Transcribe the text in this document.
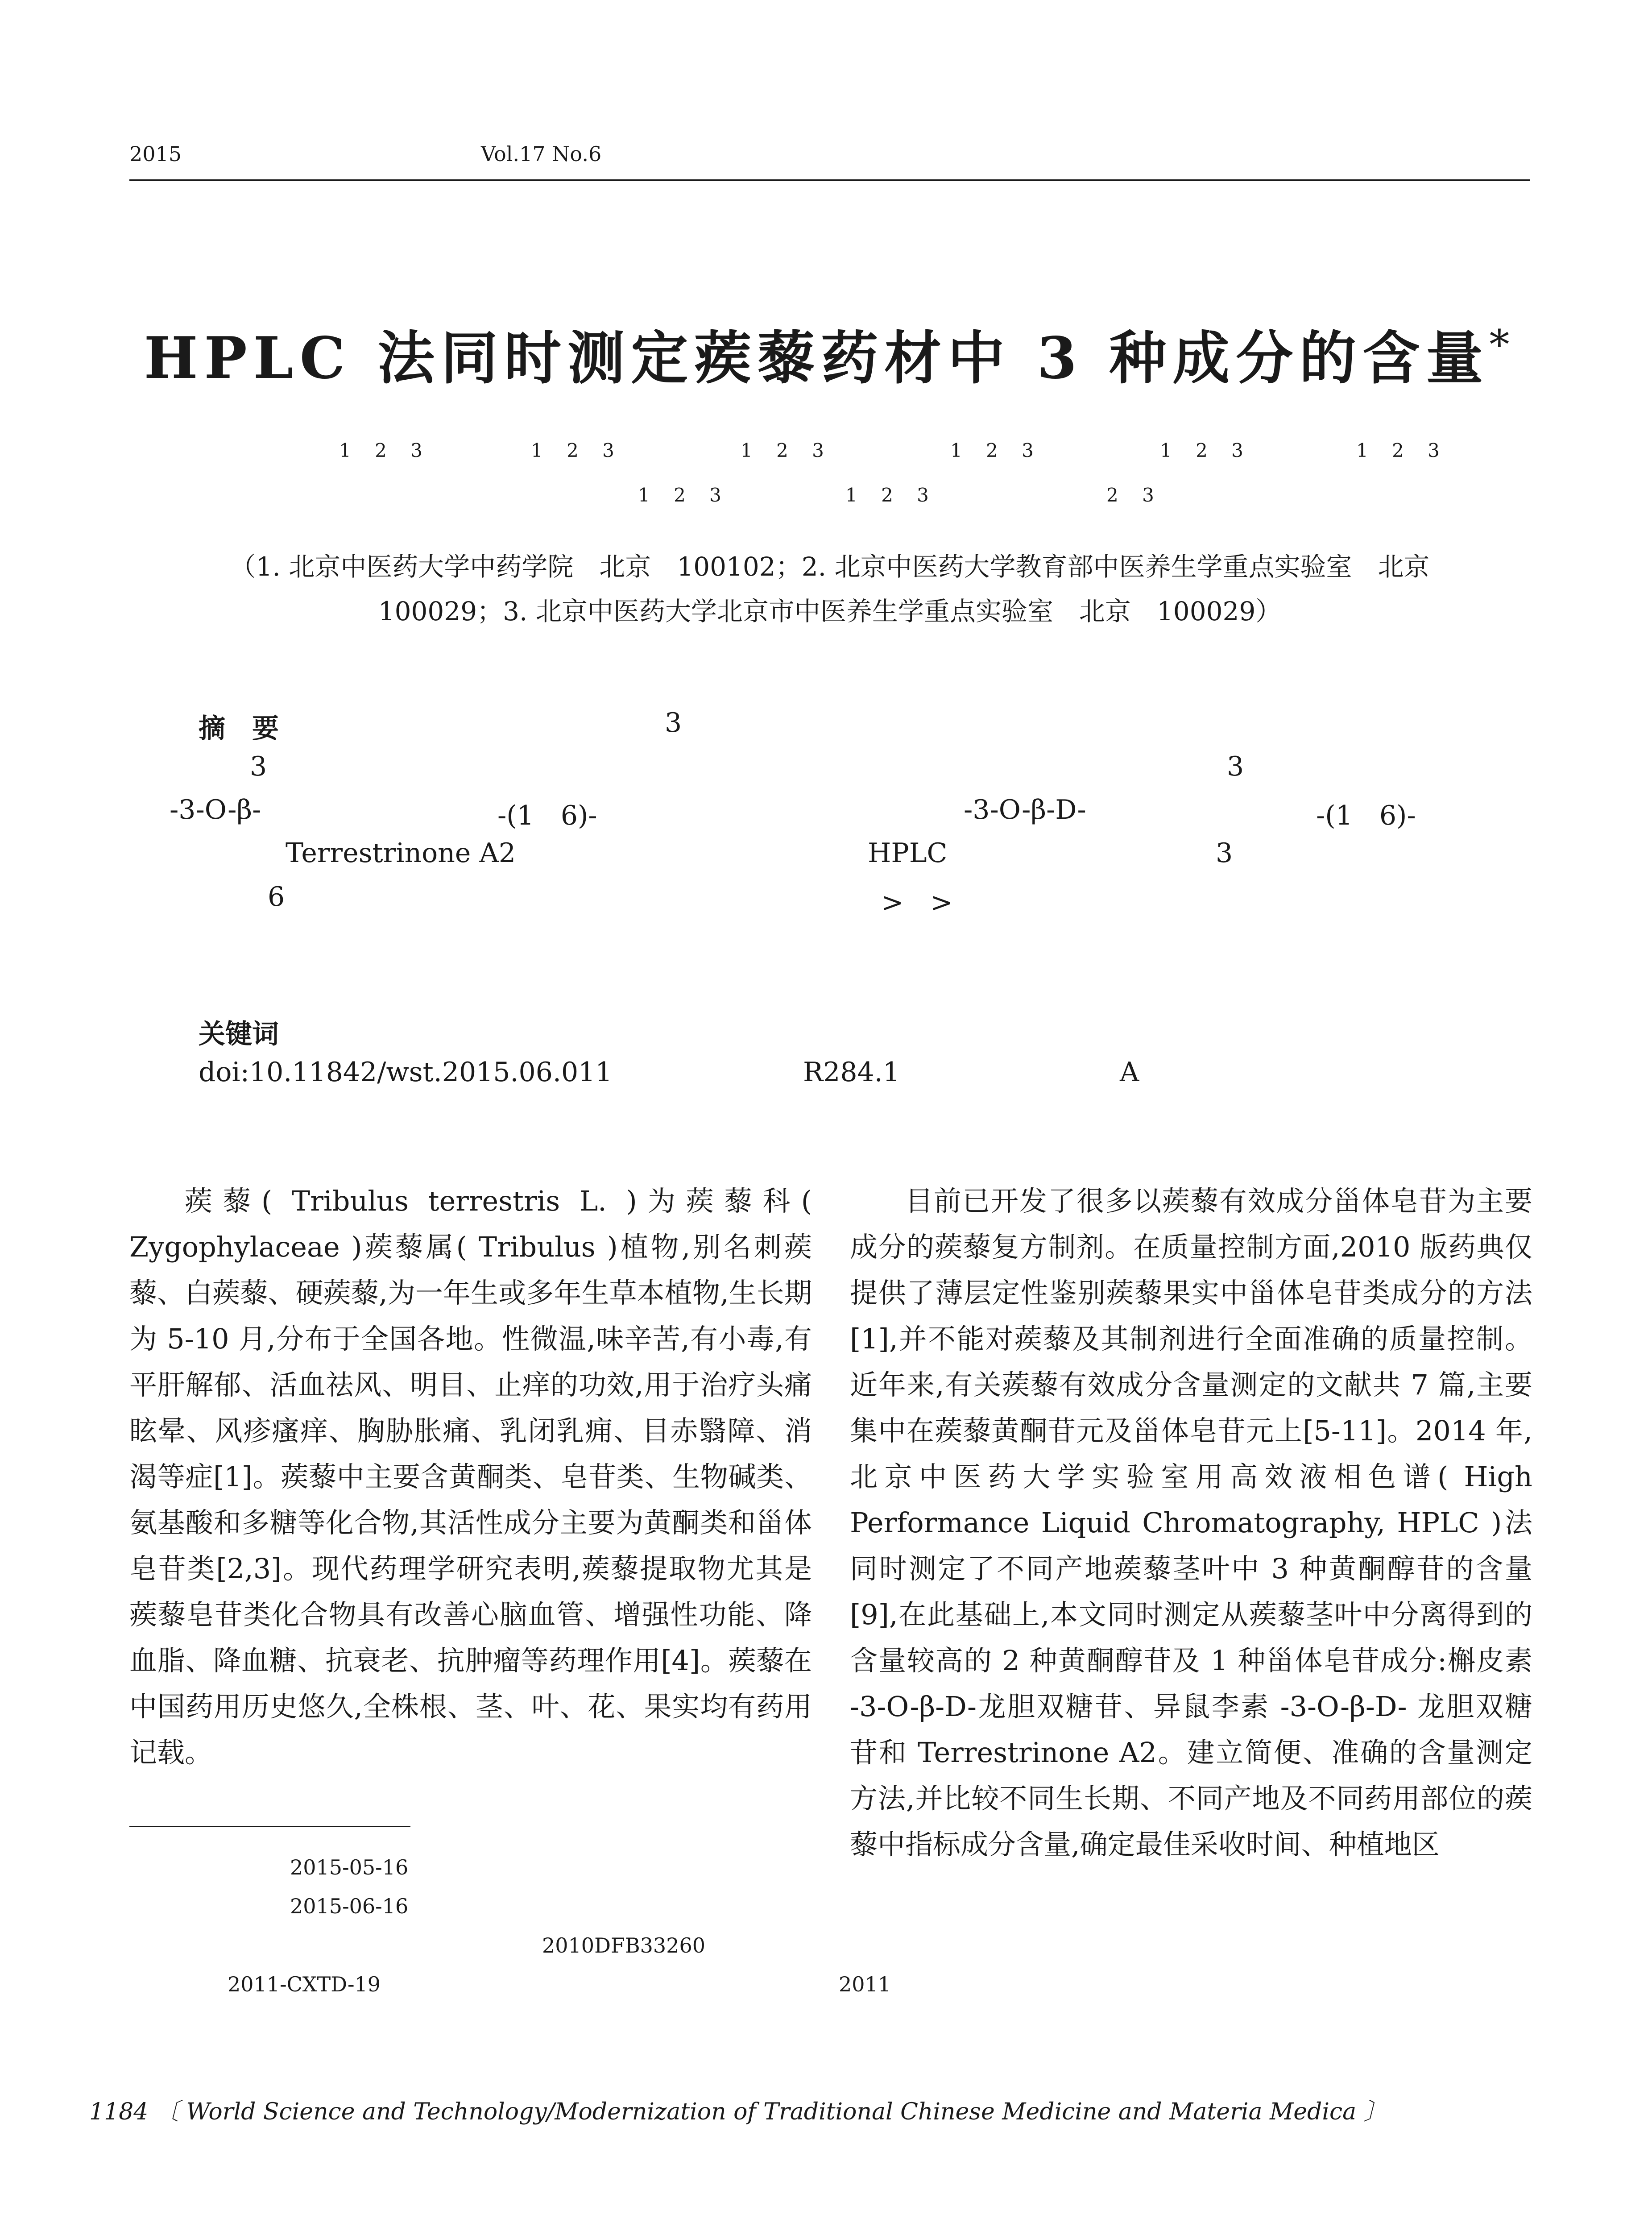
2015	Vol.17 No.6
HPLC 法同时测定蒺藜药材中 3 种成分的含量*
1 2 3	1 2 3	1 2 3	1 2 3	1 2 3	1 2 3
1 2 3	1 2 3	2 3
（1. 北京中医药大学中药学院　北京　100102；2. 北京中医药大学教育部中医养生学重点实验室　北京
100029；3. 北京中医药大学北京市中医养生学重点实验室　北京　100029）
摘　要	3
3	3
-3-O-β-	-(1　6)-	-3-O-β-D-	-(1　6)-
Terrestrinone A2	HPLC	3
6	>　>
关键词
doi:10.11842/wst.2015.06.011	R284.1	A

蒺藜( Tribulus terrestris L. )为蒺藜科( Zygophylaceae )蒺藜属( Tribulus )植物,别名刺蒺藜、白蒺藜、硬蒺藜,为一年生或多年生草本植物,生长期为 5-10 月,分布于全国各地。性微温,味辛苦,有小毒,有平肝解郁、活血祛风、明目、止痒的功效,用于治疗头痛眩晕、风疹瘙痒、胸胁胀痛、乳闭乳痈、目赤翳障、消渴等症[1]。蒺藜中主要含黄酮类、皂苷类、生物碱类、氨基酸和多糖等化合物,其活性成分主要为黄酮类和甾体皂苷类[2,3]。现代药理学研究表明,蒺藜提取物尤其是蒺藜皂苷类化合物具有改善心脑血管、增强性功能、降血脂、降血糖、抗衰老、抗肿瘤等药理作用[4]。蒺藜在中国药用历史悠久,全株根、茎、叶、花、果实均有药用记载。

目前已开发了很多以蒺藜有效成分甾体皂苷为主要成分的蒺藜复方制剂。在质量控制方面,2010 版药典仅提供了薄层定性鉴别蒺藜果实中甾体皂苷类成分的方法[1],并不能对蒺藜及其制剂进行全面准确的质量控制。近年来,有关蒺藜有效成分含量测定的文献共 7 篇,主要集中在蒺藜黄酮苷元及甾体皂苷元上[5-11]。2014 年,北京中医药大学实验室用高效液相色谱( High Performance Liquid Chromatography, HPLC )法同时测定了不同产地蒺藜茎叶中 3 种黄酮醇苷的含量[9],在此基础上,本文同时测定从蒺藜茎叶中分离得到的含量较高的 2 种黄酮醇苷及 1 种甾体皂苷成分:槲皮素 -3-O-β-D-龙胆双糖苷、异鼠李素 -3-O-β-D- 龙胆双糖苷和 Terrestrinone A2。建立简便、准确的含量测定方法,并比较不同生长期、不同产地及不同药用部位的蒺藜中指标成分含量,确定最佳采收时间、种植地区

2015-05-16
2015-06-16
2010DFB33260
2011-CXTD-19	2011
1184 〔 World Science and Technology/Modernization of Traditional Chinese Medicine and Materia Medica 〕
